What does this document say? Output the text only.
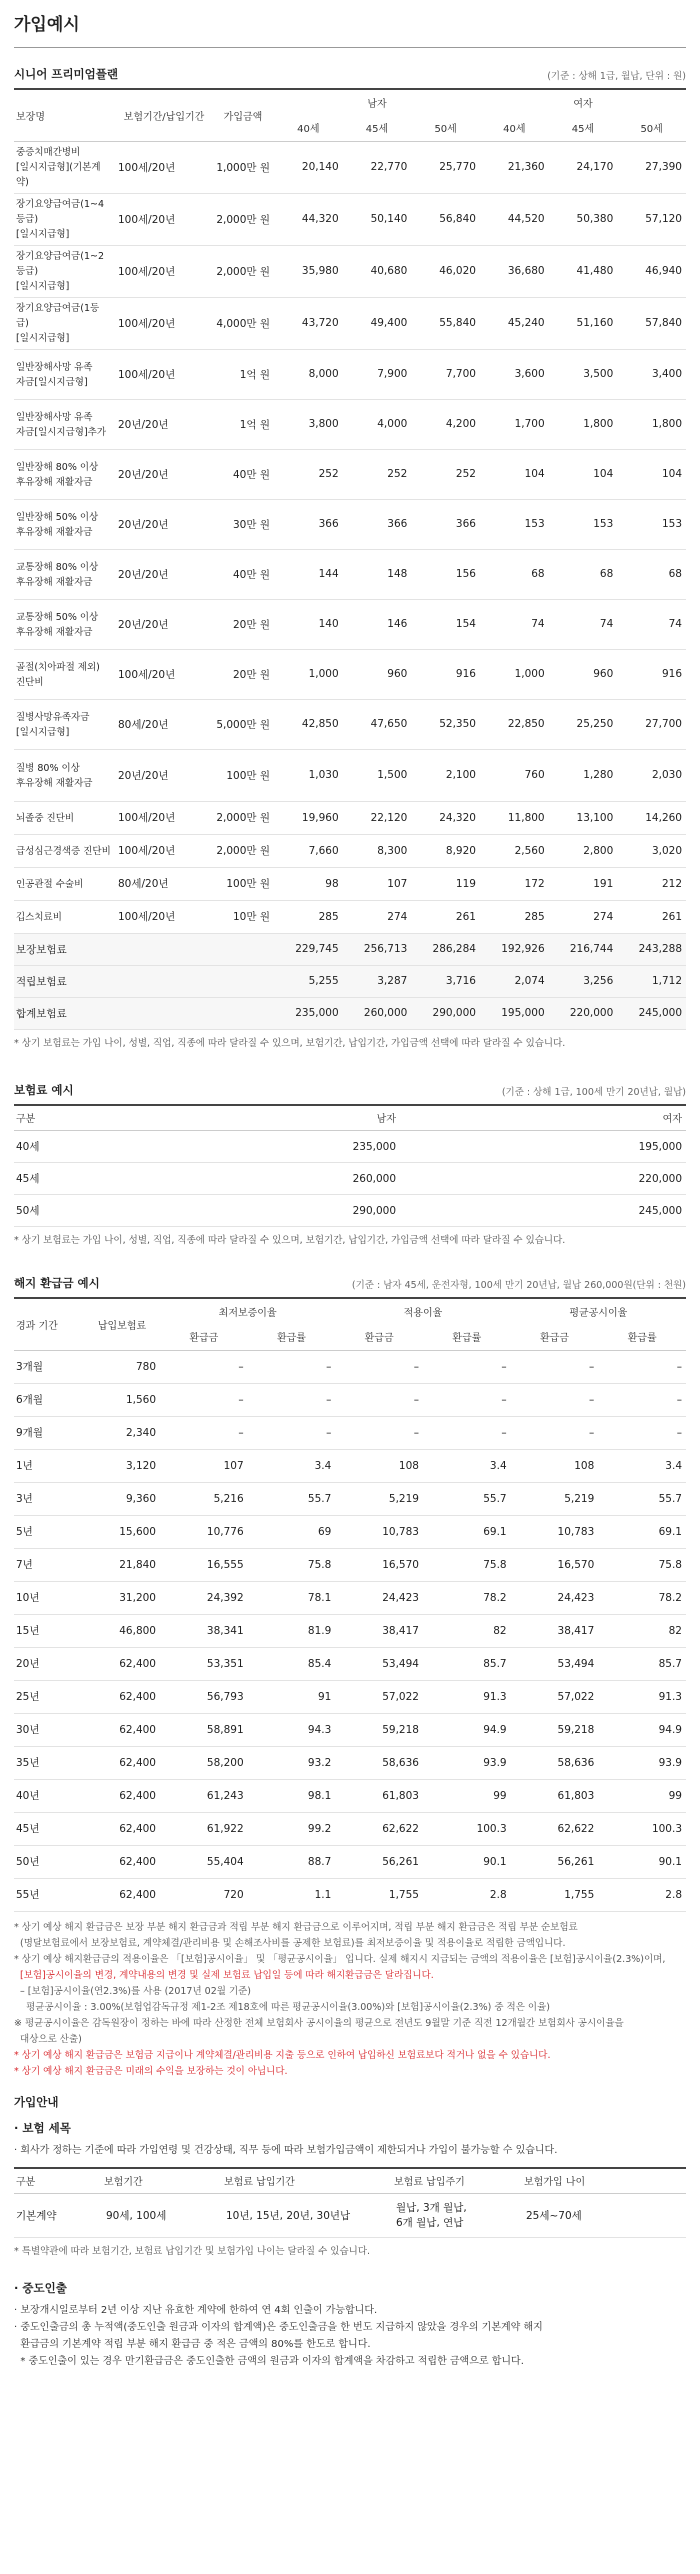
가입예시
시니어 프리미엄플랜	(기준 : 상해 1급, 월납, 단위 : 원)
보장명	보험기간/납입기간	가입금액	남자			여자		
			40세	45세	50세	40세	45세	50세

중증치매간병비
[일시지급형](기본계약)	100세/20년	1,000만 원	20,140	22,770	25,770	21,360	24,170	27,390

장기요양급여금(1~4등급)
[일시지급형]	100세/20년	2,000만 원	44,320	50,140	56,840	44,520	50,380	57,120

장기요양급여금(1~2등급)
[일시지급형]	100세/20년	2,000만 원	35,980	40,680	46,020	36,680	41,480	46,940

장기요양급여금(1등급)
[일시지급형]	100세/20년	4,000만 원	43,720	49,400	55,840	45,240	51,160	57,840

일반장해사망 유족
자금[일시지급형]	100세/20년	1억 원	8,000	7,900	7,700	3,600	3,500	3,400

일반장해사망 유족
자금[일시지급형]추가	20년/20년	1억 원	3,800	4,000	4,200	1,700	1,800	1,800

일반장해 80% 이상
후유장해 재활자금	20년/20년	40만 원	252	252	252	104	104	104

일반장해 50% 이상
후유장해 재활자금	20년/20년	30만 원	366	366	366	153	153	153

교통장해 80% 이상
후유장해 재활자금	20년/20년	40만 원	144	148	156	68	68	68

교통장해 50% 이상
후유장해 재활자금	20년/20년	20만 원	140	146	154	74	74	74

골절(치아파절 제외)
진단비	100세/20년	20만 원	1,000	960	916	1,000	960	916

질병사망유족자금
[일시지급형]	80세/20년	5,000만 원	42,850	47,650	52,350	22,850	25,250	27,700

질병 80% 이상
후유장해 재활자금	20년/20년	100만 원	1,030	1,500	2,100	760	1,280	2,030

뇌졸중 진단비	100세/20년	2,000만 원	19,960	22,120	24,320	11,800	13,100	14,260

급성심근경색증 진단비	100세/20년	2,000만 원	7,660	8,300	8,920	2,560	2,800	3,020

인공관절 수술비	80세/20년	100만 원	98	107	119	172	191	212

깁스치료비	100세/20년	10만 원	285	274	261	285	274	261
보장보험료			229,745	256,713	286,284	192,926	216,744	243,288
적립보험료			5,255	3,287	3,716	2,074	3,256	1,712
합계보험료			235,000	260,000	290,000	195,000	220,000	245,000
* 상기 보험료는 가입 나이, 성별, 직업, 직종에 따라 달라질 수 있으며, 보험기간, 납입기간, 가입금액 선택에 따라 달라질 수 있습니다.
보험료 예시	(기준 : 상해 1급, 100세 만기 20년납, 월납)
구분	남자	여자
40세	235,000	195,000
45세	260,000	220,000
50세	290,000	245,000
* 상기 보험료는 가입 나이, 성별, 직업, 직종에 따라 달라질 수 있으며, 보험기간, 납입기간, 가입금액 선택에 따라 달라질 수 있습니다.
해지 환급금 예시	(기준 : 남자 45세, 운전자형, 100세 만기 20년납, 월납 260,000원(단위 : 천원)
경과 기간	납입보험료	최저보증이율		적용이율		평균공시이율	
		환급금	환급률	환급금	환급률	환급금	환급률
3개월	780	–	–	–	–	–	–
6개월	1,560	–	–	–	–	–	–
9개월	2,340	–	–	–	–	–	–
1년	3,120	107	3.4	108	3.4	108	3.4
3년	9,360	5,216	55.7	5,219	55.7	5,219	55.7
5년	15,600	10,776	69	10,783	69.1	10,783	69.1
7년	21,840	16,555	75.8	16,570	75.8	16,570	75.8
10년	31,200	24,392	78.1	24,423	78.2	24,423	78.2
15년	46,800	38,341	81.9	38,417	82	38,417	82
20년	62,400	53,351	85.4	53,494	85.7	53,494	85.7
25년	62,400	56,793	91	57,022	91.3	57,022	91.3
30년	62,400	58,891	94.3	59,218	94.9	59,218	94.9
35년	62,400	58,200	93.2	58,636	93.9	58,636	93.9
40년	62,400	61,243	98.1	61,803	99	61,803	99
45년	62,400	61,922	99.2	62,622	100.3	62,622	100.3
50년	62,400	55,404	88.7	56,261	90.1	56,261	90.1
55년	62,400	720	1.1	1,755	2.8	1,755	2.8
* 상기 예상 해지 환급금은 보장 부분 해지 환급금과 적립 부분 해지 환급금으로 이루어지며, 적립 부분 해지 환급금은 적립 부분 순보험료
(명달보험료에서 보장보험료, 계약체결/관리비용 및 손해조사비를 공제한 보험료)를 최저보증이율 및 적용이율로 적립한 금액입니다.
* 상기 예상 해지환급금의 적용이율은 「[보험]공시이율」 및 「평균공시이율」 입니다. 실제 해지시 지급되는 금액의 적용이율은 [보험]공시이율(2.3%)이며,
[보험]공시이율의 변경, 계약내용의 변경 및 실제 보험료 납입일 등에 따라 해지환급금은 달라집니다.
– [보험]공시이율(연2.3%)를 사용 (2017년 02월 기준)
평균공시이율 : 3.00%(보험업감독규정 제1-2조 제18호에 따른 평균공시이율(3.00%)와 [보험]공시이율(2.3%) 중 적은 이율)
※ 평균공시이율은 감독원장이 정하는 바에 따라 산정한 전체 보험회사 공시이율의 평균으로 전년도 9월말 기준 직전 12개월간 보험회사 공시이율을
대상으로 산출)
* 상기 예상 해지 환급금은 보험금 지급이나 계약체결/관리비용 지출 등으로 인하여 납입하신 보험료보다 적거나 없을 수 있습니다.
* 상기 예상 해지 환급금은 미래의 수익을 보장하는 것이 아닙니다.
가입안내
· 보험 세목
· 회사가 정하는 기준에 따라 가입연령 및 건강상태, 직무 등에 따라 보험가입금액이 제한되거나 가입이 불가능할 수 있습니다.
구분	보험기간	보험료 납입기간	보험료 납입주기	보험가입 나이
기본계약	90세, 100세	10년, 15년, 20년, 30년납	월납, 3개 월납,
6개 월납, 연납	25세~70세
* 특별약관에 따라 보험기간, 보험료 납입기간 및 보험가입 나이는 달라질 수 있습니다.
· 중도인출
· 보장개시일로부터 2년 이상 지난 유효한 계약에 한하여 연 4회 인출이 가능합니다.
· 중도인출금의 총 누적액(중도인출 원금과 이자의 합계액)은 중도인출금을 한 번도 지급하지 않았을 경우의 기본계약 해지
환급금의 기본계약 적립 부분 해지 환급금 중 적은 금액의 80%를 한도로 합니다.
* 중도인출이 있는 경우 만기환급금은 중도인출한 금액의 원금과 이자의 합계액을 차감하고 적립한 금액으로 합니다.
